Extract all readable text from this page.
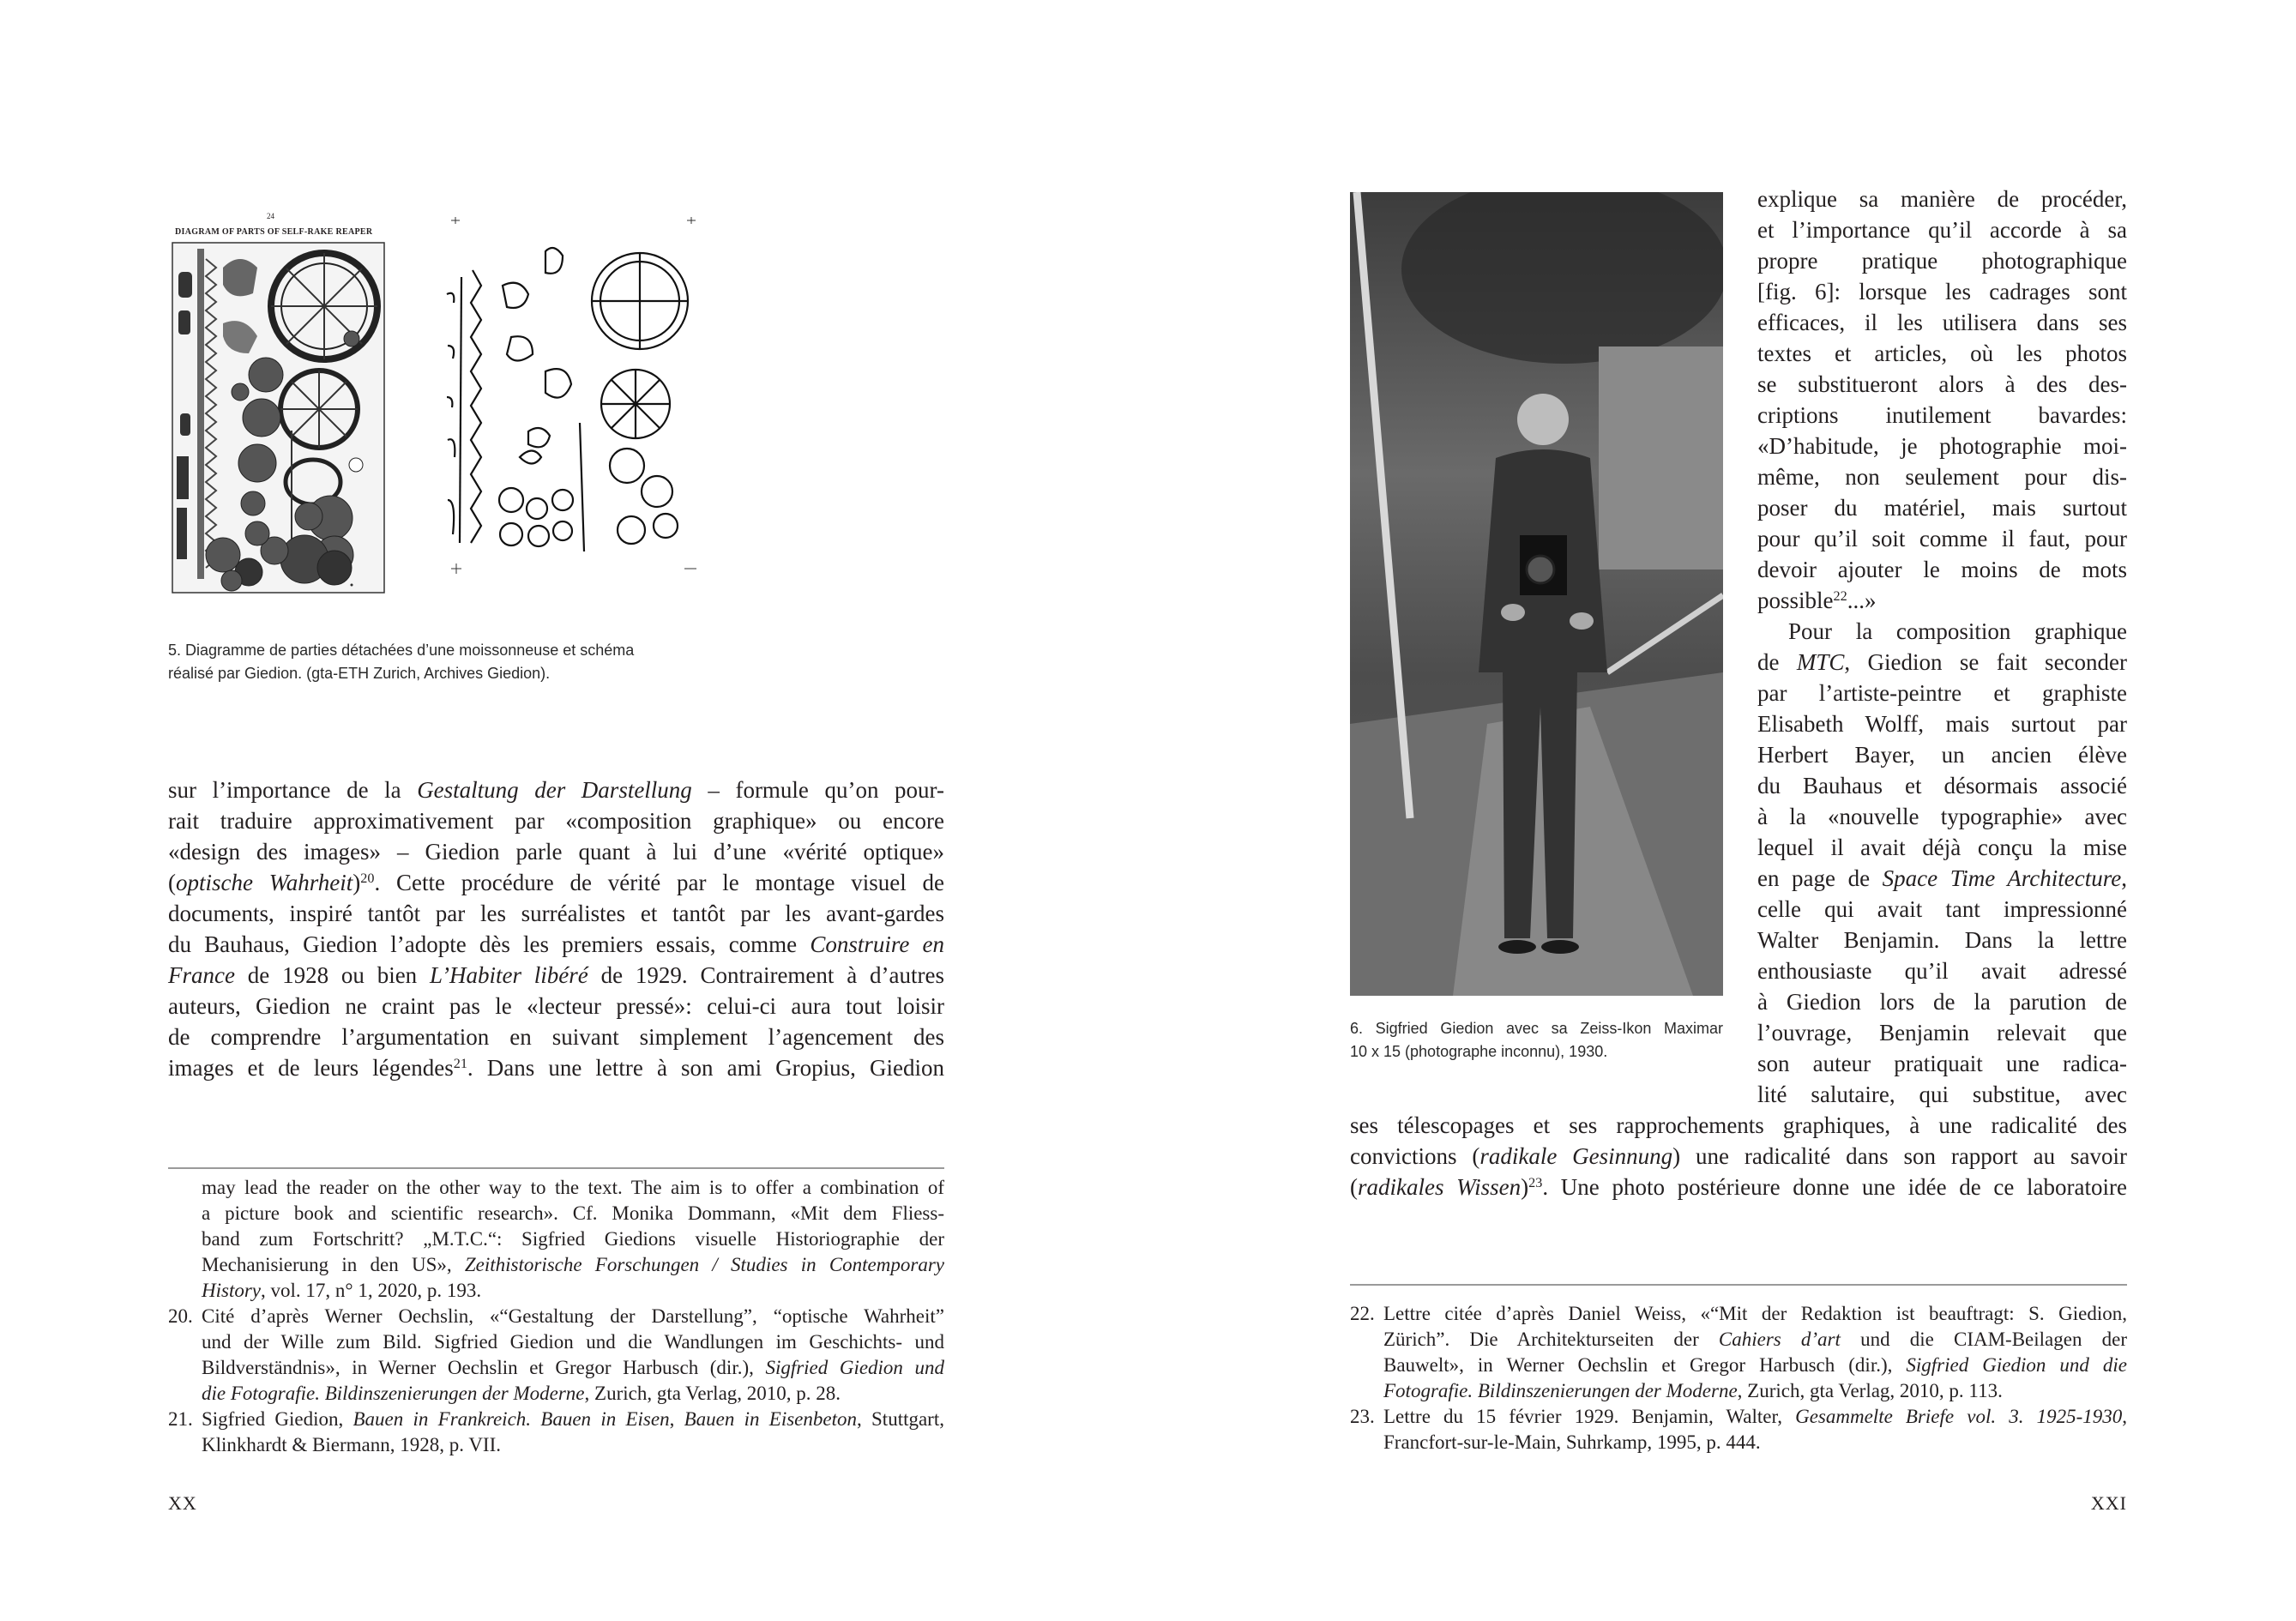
24
DIAGRAM OF PARTS OF SELF-RAKE REAPER
5. Diagramme de parties détachées d’une moissonneuse et schéma
réalisé par Giedion. (gta-ETH Zurich, Archives Giedion).
sur l’importance de la Gestaltung der Darstellung – formule qu’on pour-
rait traduire approximativement par «composition graphique» ou encore
«design des images» – Giedion parle quant à lui d’une «vérité optique»
(optische Wahrheit)$^{20}$. Cette procédure de vérité par le montage visuel de
documents, inspiré tantôt par les surréalistes et tantôt par les avant-gardes
du Bauhaus, Giedion l’adopte dès les premiers essais, comme Construire en
France de 1928 ou bien L’Habiter libéré de 1929. Contrairement à d’autres
auteurs, Giedion ne craint pas le «lecteur pressé»: celui-ci aura tout loisir
de comprendre l’argumentation en suivant simplement l’agencement des
images et de leurs légendes$^{21}$. Dans une lettre à son ami Gropius, Giedion
may lead the reader on the other way to the text. The aim is to offer a combination of
a picture book and scientific research». Cf. Monika Dommann, «Mit dem Fliess-
band zum Fortschritt? „M.T.C.“: Sigfried Giedions visuelle Historiographie der
Mechanisierung in den US», Zeithistorische Forschungen / Studies in Contemporary
History, vol. 17, n° 1, 2020, p. 193.
20. Cité d’après Werner Oechslin, «“Gestaltung der Darstellung”, “optische Wahrheit”
und der Wille zum Bild. Sigfried Giedion und die Wandlungen im Geschichts- und
Bildverständnis», in Werner Oechslin et Gregor Harbusch (dir.), Sigfried Giedion und
die Fotografie. Bildinszenierungen der Moderne, Zurich, gta Verlag, 2010, p. 28.
21. Sigfried Giedion, Bauen in Frankreich. Bauen in Eisen, Bauen in Eisenbeton, Stuttgart,
Klinkhardt & Biermann, 1928, p. VII.
XX
6. Sigfried Giedion avec sa Zeiss-Ikon Maximar
10 x 15 (photographe inconnu), 1930.
explique sa manière de procéder,
et l’importance qu’il accorde à sa
propre pratique photographique
[fig. 6]: lorsque les cadrages sont
efficaces, il les utilisera dans ses
textes et articles, où les photos
se substitueront alors à des des-
criptions inutilement bavardes:
«D’habitude, je photographie moi-
même, non seulement pour dis-
poser du matériel, mais surtout
pour qu’il soit comme il faut, pour
devoir ajouter le moins de mots
possible$^{22}$...»
Pour la composition graphique
de MTC, Giedion se fait seconder
par l’artiste-peintre et graphiste
Elisabeth Wolff, mais surtout par
Herbert Bayer, un ancien élève
du Bauhaus et désormais associé
à la «nouvelle typographie» avec
lequel il avait déjà conçu la mise
en page de Space Time Architecture,
celle qui avait tant impressionné
Walter Benjamin. Dans la lettre
enthousiaste qu’il avait adressé
à Giedion lors de la parution de
l’ouvrage, Benjamin relevait que
son auteur pratiquait une radica-
lité salutaire, qui substitue, avec
ses télescopages et ses rapprochements graphiques, à une radicalité des
convictions (radikale Gesinnung) une radicalité dans son rapport au savoir
(radikales Wissen)$^{23}$. Une photo postérieure donne une idée de ce laboratoire
22. Lettre citée d’après Daniel Weiss, «“Mit der Redaktion ist beauftragt: S. Giedion,
Zürich”. Die Architekturseiten der Cahiers d’art und die CIAM-Beilagen der
Bauwelt», in Werner Oechslin et Gregor Harbusch (dir.), Sigfried Giedion und die
Fotografie. Bildinszenierungen der Moderne, Zurich, gta Verlag, 2010, p. 113.
23. Lettre du 15 février 1929. Benjamin, Walter, Gesammelte Briefe vol. 3. 1925-1930,
Francfort-sur-le-Main, Suhrkamp, 1995, p. 444.
XXI
